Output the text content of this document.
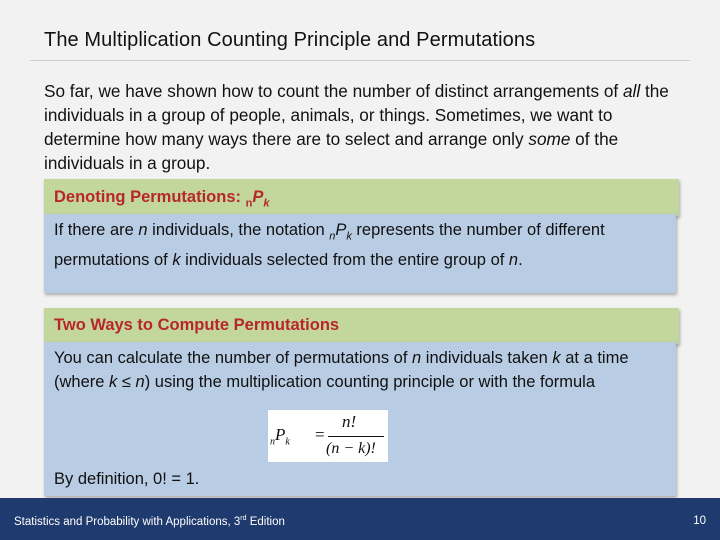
The Multiplication Counting Principle and Permutations
So far, we have shown how to count the number of distinct arrangements of all the individuals in a group of people, animals, or things. Sometimes, we want to determine how many ways there are to select and arrange only some of the individuals in a group.
Denoting Permutations: $_nP_k$
If there are n individuals, the notation $_nP_k$ represents the number of different permutations of k individuals selected from the entire group of n.
Two Ways to Compute Permutations
You can calculate the number of permutations of n individuals taken k at a time (where k ≤ n) using the multiplication counting principle or with the formula
$_nP_k$ =
n!
(n − k)!
By definition, 0! = 1.
Statistics and Probability with Applications, 3rd Edition	10
